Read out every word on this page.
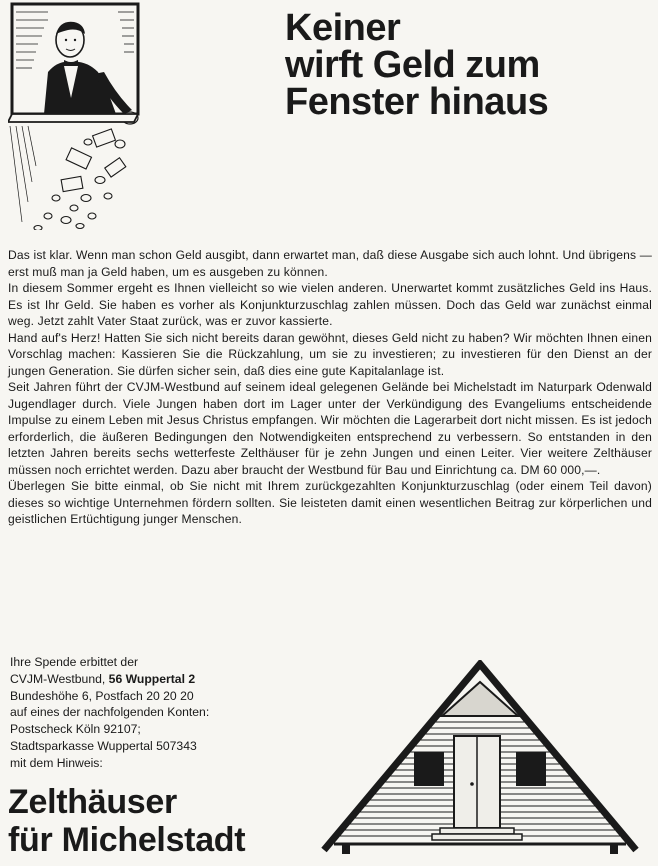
Keiner
wirft Geld zum
Fenster hinaus

Das ist klar. Wenn man schon Geld ausgibt, dann erwartet man, daß diese Ausgabe sich auch lohnt. Und übrigens — erst muß man ja Geld haben, um es ausgeben zu können.

In diesem Sommer ergeht es Ihnen vielleicht so wie vielen anderen. Unerwartet kommt zusätzliches Geld ins Haus. Es ist Ihr Geld. Sie haben es vorher als Konjunkturzuschlag zahlen müssen. Doch das Geld war zunächst einmal weg. Jetzt zahlt Vater Staat zurück, was er zuvor kassierte.

Hand auf's Herz! Hatten Sie sich nicht bereits daran gewöhnt, dieses Geld nicht zu haben? Wir möchten Ihnen einen Vorschlag machen: Kassieren Sie die Rückzahlung, um sie zu investieren; zu investieren für den Dienst an der jungen Generation. Sie dürfen sicher sein, daß dies eine gute Kapitalanlage ist.

Seit Jahren führt der CVJM-Westbund auf seinem ideal gelegenen Gelände bei Michelstadt im Naturpark Odenwald Jugendlager durch. Viele Jungen haben dort im Lager unter der Verkündigung des Evangeliums entscheidende Impulse zu einem Leben mit Jesus Christus empfangen. Wir möchten die Lagerarbeit dort nicht missen. Es ist jedoch erforderlich, die äußeren Bedingungen den Notwendigkeiten entsprechend zu verbessern. So entstanden in den letzten Jahren bereits sechs wetterfeste Zelthäuser für je zehn Jungen und einen Leiter. Vier weitere Zelthäuser müssen noch errichtet werden. Dazu aber braucht der Westbund für Bau und Einrichtung ca. DM 60 000,—.

Überlegen Sie bitte einmal, ob Sie nicht mit Ihrem zurückgezahlten Konjunkturzuschlag (oder einem Teil davon) dieses so wichtige Unternehmen fördern sollten. Sie leisteten damit einen wesentlichen Beitrag zur körperlichen und geistlichen Ertüchtigung junger Menschen.

Ihre Spende erbittet der
CVJM-Westbund, 56 Wuppertal 2
Bundeshöhe 6, Postfach 20 20 20
auf eines der nachfolgenden Konten:
Postscheck Köln 92107;
Stadtsparkasse Wuppertal 507343
mit dem Hinweis:
Zelthäuser
für Michelstadt
